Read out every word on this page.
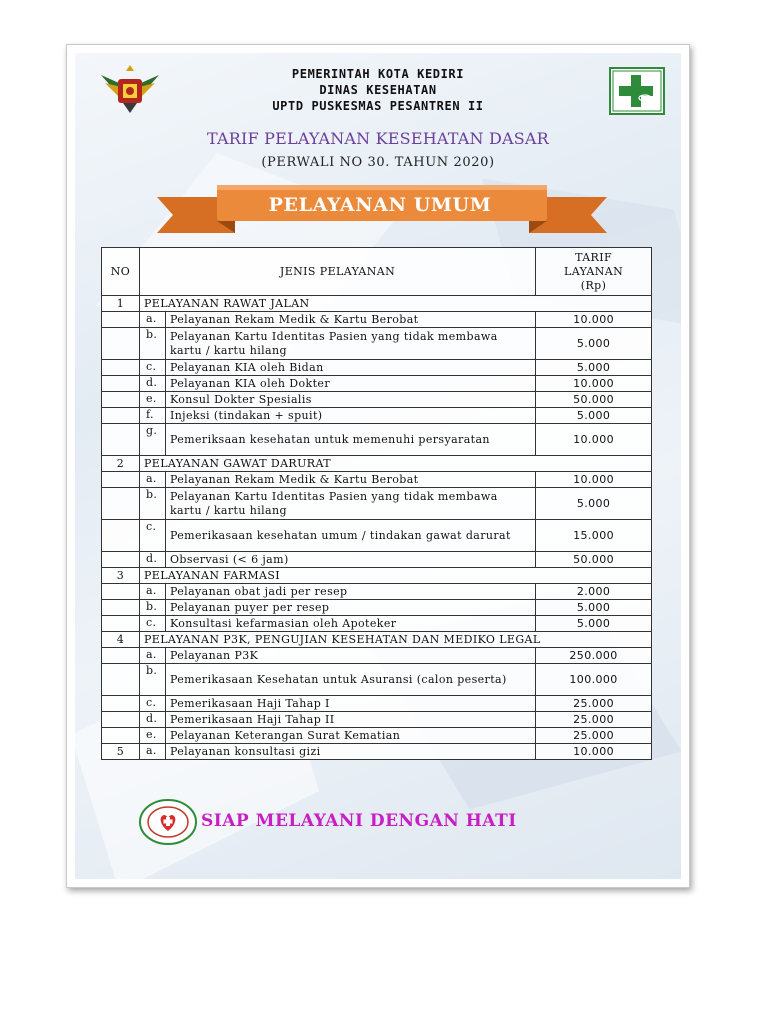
PEMERINTAH KOTA KEDIRI
DINAS KESEHATAN
UPTD PUSKESMAS PESANTREN II
TARIF PELAYANAN KESEHATAN DASAR
(PERWALI NO 30. TAHUN 2020)
PELAYANAN UMUM
NO	JENIS PELAYANAN		TARIF
LAYANAN
(Rp)

1	PELAYANAN RAWAT JALAN		
	a.	Pelayanan Rekam Medik & Kartu Berobat	10.000
	b.	Pelayanan Kartu Identitas Pasien yang tidak membawa kartu / kartu hilang	5.000
	c.	Pelayanan KIA oleh Bidan	5.000
	d.	Pelayanan KIA oleh Dokter	10.000
	e.	Konsul Dokter Spesialis	50.000
	f.	Injeksi (tindakan + spuit)	5.000
	g.	Pemeriksaan kesehatan untuk memenuhi persyaratan	10.000
2	PELAYANAN GAWAT DARURAT		
	a.	Pelayanan Rekam Medik & Kartu Berobat	10.000
	b.	Pelayanan Kartu Identitas Pasien yang tidak membawa kartu / kartu hilang	5.000
	c.	Pemerikasaan kesehatan umum / tindakan gawat darurat	15.000
	d.	Observasi (< 6 jam)	50.000
3	PELAYANAN FARMASI		
	a.	Pelayanan obat jadi per resep	2.000
	b.	Pelayanan puyer per resep	5.000
	c.	Konsultasi kefarmasian oleh Apoteker	5.000
4	PELAYANAN P3K, PENGUJIAN KESEHATAN DAN MEDIKO LEGAL		
	a.	Pelayanan P3K	250.000
	b.	Pemerikasaan Kesehatan untuk Asuransi (calon peserta)	100.000
	c.	Pemerikasaan Haji Tahap I	25.000
	d.	Pemerikasaan Haji Tahap II	25.000
	e.	Pelayanan Keterangan Surat Kematian	25.000
5	a.	Pelayanan konsultasi gizi	10.000
SIAP MELAYANI DENGAN HATI
